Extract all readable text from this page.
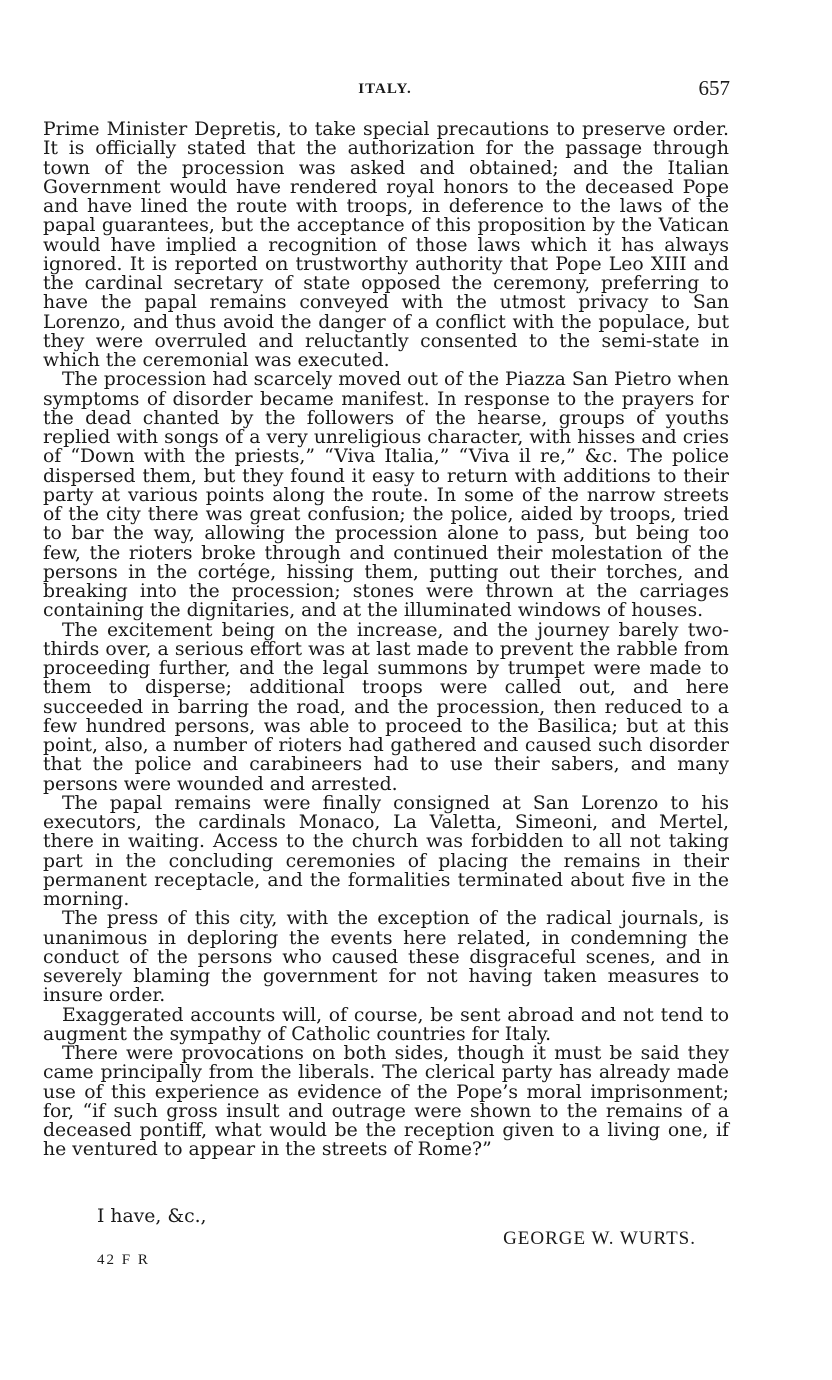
ITALY.	657

Prime Minister Depretis, to take special precautions to preserve order. It is officially stated that the authorization for the passage through town of the procession was asked and obtained; and the Italian Government would have rendered royal honors to the deceased Pope and have lined the route with troops, in deference to the laws of the papal guarantees, but the acceptance of this proposition by the Vatican would have implied a recognition of those laws which it has always ignored. It is reported on trustworthy authority that Pope Leo XIII and the cardinal secretary of state opposed the ceremony, preferring to have the papal remains conveyed with the utmost privacy to San Lorenzo, and thus avoid the danger of a conflict with the populace, but they were overruled and reluctantly consented to the semi-state in which the ceremonial was executed.

The procession had scarcely moved out of the Piazza San Pietro when symptoms of disorder became manifest. In response to the prayers for the dead chanted by the followers of the hearse, groups of youths replied with songs of a very unreligious character, with hisses and cries of “Down with the priests,” “Viva Italia,” “Viva il re,” &c. The police dispersed them, but they found it easy to return with additions to their party at various points along the route. In some of the narrow streets of the city there was great confusion; the police, aided by troops, tried to bar the way, allowing the procession alone to pass, but being too few, the rioters broke through and continued their molestation of the persons in the cortége, hissing them, putting out their torches, and breaking into the procession; stones were thrown at the carriages containing the dignitaries, and at the illuminated windows of houses.

The excitement being on the increase, and the journey barely two-thirds over, a serious effort was at last made to prevent the rabble from proceeding further, and the legal summons by trumpet were made to them to disperse; additional troops were called out, and here succeeded in barring the road, and the procession, then reduced to a few hundred persons, was able to proceed to the Basilica; but at this point, also, a number of rioters had gathered and caused such disorder that the police and carabineers had to use their sabers, and many persons were wounded and arrested.

The papal remains were finally consigned at San Lorenzo to his executors, the cardinals Monaco, La Valetta, Simeoni, and Mertel, there in waiting. Access to the church was forbidden to all not taking part in the concluding ceremonies of placing the remains in their permanent receptacle, and the formalities terminated about five in the morning.

The press of this city, with the exception of the radical journals, is unanimous in deploring the events here related, in condemning the conduct of the persons who caused these disgraceful scenes, and in severely blaming the government for not having taken measures to insure order.

Exaggerated accounts will, of course, be sent abroad and not tend to augment the sympathy of Catholic countries for Italy.

There were provocations on both sides, though it must be said they came principally from the liberals. The clerical party has already made use of this experience as evidence of the Pope’s moral imprisonment; for, “if such gross insult and outrage were shown to the remains of a deceased pontiff, what would be the reception given to a living one, if he ventured to appear in the streets of Rome?”

I have, &c.,
GEORGE W. WURTS.
42 F R
